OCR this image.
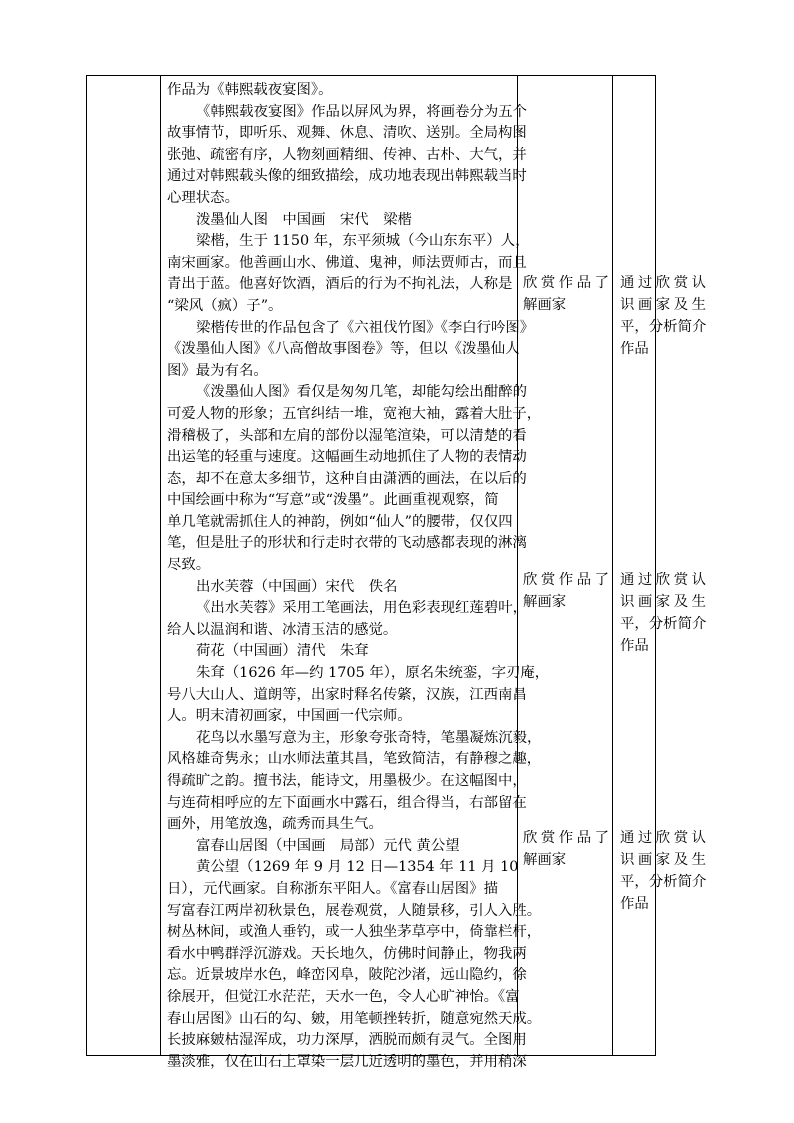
作品为《韩熙载夜宴图》。
《韩熙载夜宴图》作品以屏风为界，将画卷分为五个
故事情节，即听乐、观舞、休息、清吹、送别。全局构图
张弛、疏密有序，人物刻画精细、传神、古朴、大气，并
通过对韩熙载头像的细致描绘，成功地表现出韩熙载当时
心理状态。
泼墨仙人图　中国画　宋代　梁楷
梁楷，生于 1150 年，东平须城（今山东东平）人，
南宋画家。他善画山水、佛道、鬼神，师法贾师古，而且
青出于蓝。他喜好饮酒，酒后的行为不拘礼法，人称是
“梁风（疯）子”。
梁楷传世的作品包含了《六祖伐竹图》《李白行吟图》
《泼墨仙人图》《八高僧故事图卷》等，但以《泼墨仙人
图》最为有名。
《泼墨仙人图》看仅是匆匆几笔，却能勾绘出酣醉的
可爱人物的形象；五官纠结一堆，宽袍大袖，露着大肚子，
滑稽极了，头部和左肩的部份以湿笔渲染，可以清楚的看
出运笔的轻重与速度。这幅画生动地抓住了人物的表情动
态，却不在意太多细节，这种自由潇洒的画法，在以后的
中国绘画中称为“写意”或“泼墨”。此画重视观察，简
单几笔就需抓住人的神韵，例如“仙人”的腰带，仅仅四
笔，但是肚子的形状和行走时衣带的飞动感都表现的淋漓
尽致。
出水芙蓉（中国画）宋代　佚名
《出水芙蓉》采用工笔画法，用色彩表现红莲碧叶，
给人以温润和谐、冰清玉洁的感觉。
荷花（中国画）清代　朱耷
朱耷（1626 年—约 1705 年），原名朱统銮，字刃庵，
号八大山人、道朗等，出家时释名传綮，汉族，江西南昌
人。明末清初画家，中国画一代宗师。
花鸟以水墨写意为主，形象夸张奇特，笔墨凝炼沉毅，
风格雄奇隽永；山水师法董其昌，笔致简洁，有静穆之趣，
得疏旷之韵。擅书法，能诗文，用墨极少。在这幅图中，
与连荷相呼应的左下面画水中露石，组合得当，右部留在
画外，用笔放逸，疏秀而具生气。
富春山居图（中国画　局部）元代 黄公望
黄公望（1269 年 9 月 12 日—1354 年 11 月 10
日），元代画家。自称浙东平阳人。《富春山居图》描
写富春江两岸初秋景色，展卷观赏，人随景移，引人入胜。
树丛林间，或渔人垂钓，或一人独坐茅草亭中，倚靠栏杆，
看水中鸭群浮沉游戏。天长地久，仿佛时间静止，物我两
忘。近景坡岸水色，峰峦冈阜，陂陀沙渚，远山隐约，徐
徐展开，但觉江水茫茫，天水一色，令人心旷神怡。《富
春山居图》山石的勾、皴，用笔顿挫转折，随意宛然天成。
长披麻皴枯湿浑成，功力深厚，洒脱而颇有灵气。全图用
墨淡雅，仅在山石上罩染一层几近透明的墨色，并用稍深
欣赏作品了
解画家
欣赏作品了
解画家
欣赏作品了
解画家
通过欣赏认
识画家及生
平，分析简介
作品
通过欣赏认
识画家及生
平，分析简介
作品
通过欣赏认
识画家及生
平，分析简介
作品
